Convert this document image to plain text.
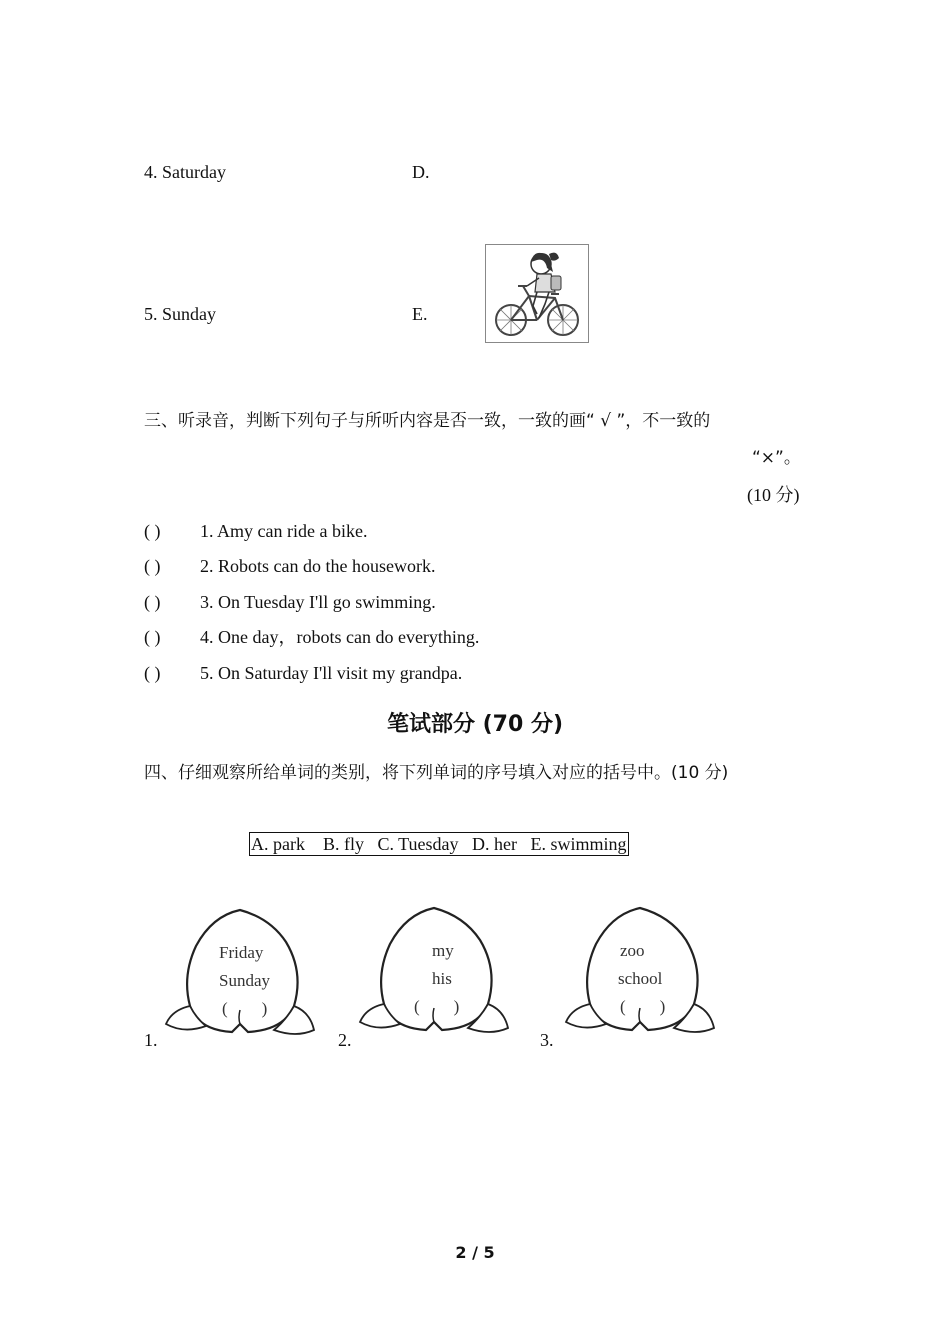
4. Saturday	D.
5. Sunday	E.
三、听录音，判断下列句子与所听内容是否一致，一致的画“ √ ”，不一致的
“×”。
(10 分)
( ) 1. Amy can ride a bike.
( ) 2. Robots can do the housework.
( ) 3. On Tuesday I'll go swimming.
( ) 4. One day，robots can do everything.
( ) 5. On Saturday I'll visit my grandpa.
笔试部分 (70 分)
四、仔细观察所给单词的类别，将下列单词的序号填入对应的括号中。(10 分)
A. park    B. fly   C. Tuesday   D. her   E. swimming
1.
Friday
Sunday
(        )
2.
my
his
(        )
3.
zoo
school
(        )
2 / 5
